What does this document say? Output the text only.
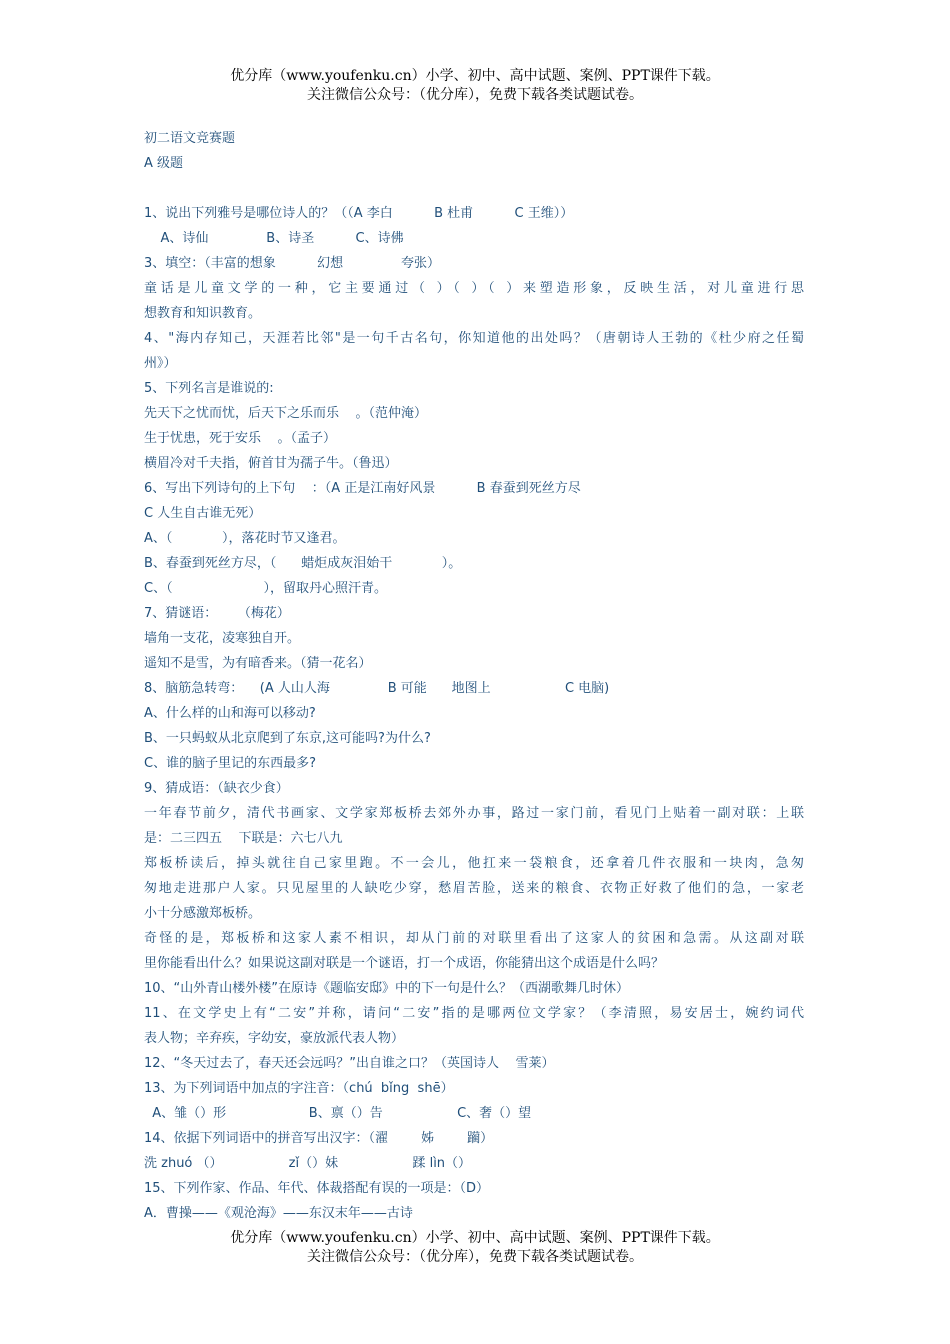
优分库（www.youfenku.cn）小学、初中、高中试题、案例、PPT课件下载。
关注微信公众号：（优分库），免费下载各类试题试卷。
初二语文竞赛题
A 级题
1、说出下列雅号是哪位诗人的？（（A 李白          B 杜甫          C 王维））
A、诗仙              B、诗圣          C、诗佛
3、填空：（丰富的想象          幻想              夸张）
童话是儿童文学的一种，它主要通过（ ）（ ）（ ）来塑造形象，反映生活，对儿童进行思
想教育和知识教育。
4、"海内存知己，天涯若比邻"是一句千古名句，你知道他的出处吗？（唐朝诗人王勃的《杜少府之任蜀
州》）
5、下列名言是谁说的:
先天下之忧而忧，后天下之乐而乐    。（范仲淹）
生于忧患，死于安乐    。（孟子）
横眉冷对千夫指，俯首甘为孺子牛。（鲁迅）
6、写出下列诗句的上下句    ：（A 正是江南好风景          B 春蚕到死丝方尽
C 人生自古谁无死）
A、（            ），落花时节又逢君。
B、春蚕到死丝方尽，（      蜡炬成灰泪始干            ）。
C、（                      ），留取丹心照汗青。
7、猜谜语：     （梅花）
墙角一支花，凌寒独自开。
遥知不是雪，为有暗香来。（猜一花名）
8、脑筋急转弯：    (A 人山人海              B 可能      地图上                  C 电脑)
A、什么样的山和海可以移动?
B、一只蚂蚁从北京爬到了东京,这可能吗?为什么?
C、谁的脑子里记的东西最多?
9、猜成语：（缺衣少食）
一年春节前夕，清代书画家、文学家郑板桥去郊外办事，路过一家门前，看见门上贴着一副对联：上联
是：二三四五    下联是：六七八九
郑板桥读后，掉头就往自己家里跑。不一会儿，他扛来一袋粮食，还拿着几件衣服和一块肉，急匆
匆地走进那户人家。只见屋里的人缺吃少穿，愁眉苦脸，送来的粮食、衣物正好救了他们的急，一家老
小十分感激郑板桥。
奇怪的是，郑板桥和这家人素不相识，却从门前的对联里看出了这家人的贫困和急需。从这副对联
里你能看出什么？如果说这副对联是一个谜语，打一个成语，你能猜出这个成语是什么吗？
10、“山外青山楼外楼”在原诗《题临安邸》中的下一句是什么？（西湖歌舞几时休）
11、在文学史上有“二安”并称，请问“二安”指的是哪两位文学家？（李清照，易安居士，婉约词代
表人物；辛弃疾，字幼安，豪放派代表人物）
12、“冬天过去了，春天还会远吗？”出自谁之口？（英国诗人    雪莱）
13、为下列词语中加点的字注音：（chú  bǐng  shē）
A、雏（）形                    B、禀（）告                  C、奢（）望
14、依据下列词语中的拼音写出汉字：（濯        姊        躏）
洗 zhuó （）                zǐ（）妹                  蹂 lìn（）
15、下列作家、作品、年代、体裁搭配有误的一项是：（D）
A．曹操——《观沧海》——东汉末年——古诗
优分库（www.youfenku.cn）小学、初中、高中试题、案例、PPT课件下载。
关注微信公众号：（优分库），免费下载各类试题试卷。
